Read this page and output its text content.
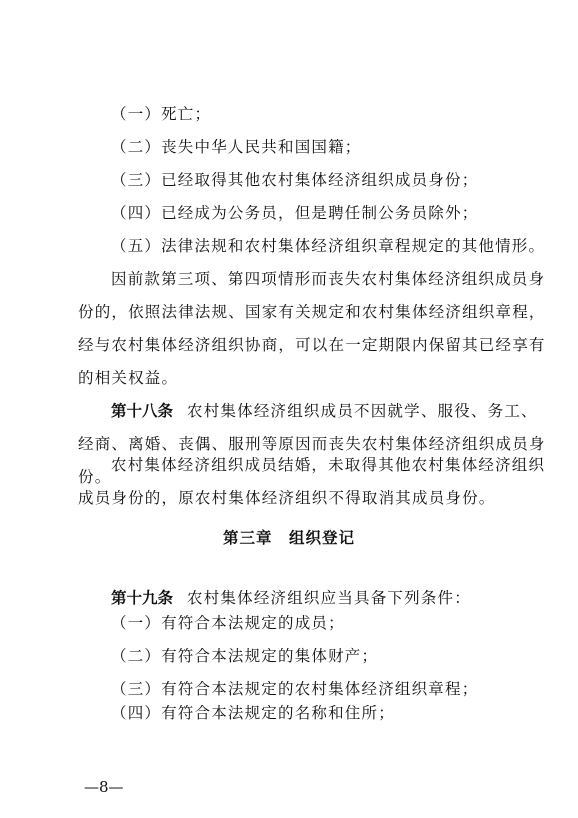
（一）死亡；
（二）丧失中华人民共和国国籍；
（三）已经取得其他农村集体经济组织成员身份；
（四）已经成为公务员，但是聘任制公务员除外；
（五）法律法规和农村集体经济组织章程规定的其他情形。
因前款第三项、第四项情形而丧失农村集体经济组织成员身
份的，依照法律法规、国家有关规定和农村集体经济组织章程，
经与农村集体经济组织协商，可以在一定期限内保留其已经享有
的相关权益。
第十八条 农村集体经济组织成员不因就学、服役、务工、
经商、离婚、丧偶、服刑等原因而丧失农村集体经济组织成员身
份。
农村集体经济组织成员结婚，未取得其他农村集体经济组织
成员身份的，原农村集体经济组织不得取消其成员身份。
第三章　组织登记
第十九条 农村集体经济组织应当具备下列条件：
（一）有符合本法规定的成员；
（二）有符合本法规定的集体财产；
（三）有符合本法规定的农村集体经济组织章程；
（四）有符合本法规定的名称和住所；
—8—
